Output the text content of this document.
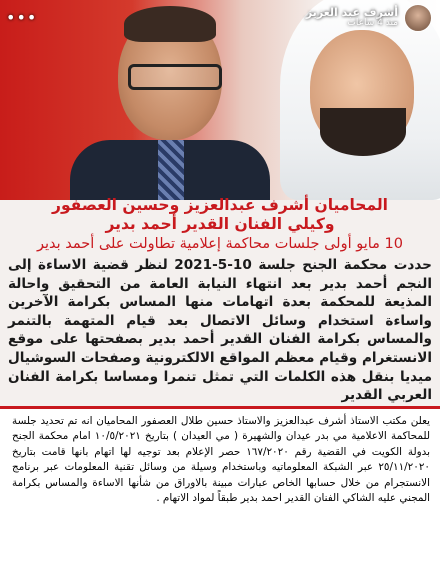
•••	أشرف عبد العزيز
منذ 4 ساعات
المحاميان أشرف عبدالعزيز وحسين العصفور
وكيلي الفنان القدير أحمد بدير
10 مايو أولى جلسات محاكمة إعلامية تطاولت على أحمد بدير
حددت محكمة الجنح جلسة 10-5-2021 لنظر قضية الاساءة إلى النجم أحمد بدير بعد انتهاء النيابة العامة من التحقيق واحالة المذيعة للمحكمة بعدة اتهامات منها المساس بكرامة الآخرين واساءة استخدام وسائل الاتصال بعد قيام المتهمة بالتنمر والمساس بكرامة الفنان القدير أحمد بدير بصفحتها على موقع الانستغرام وقيام معظم المواقع الالكترونية وصفحات السوشيال ميديا بنقل هذه الكلمات التي تمثل تنمرا ومساسا بكرامة الفنان العربي القدير
يعلن مكتب الاستاذ أشرف عبدالعزيز والاستاذ حسين طلال العصفور المحاميان انه تم تحديد جلسة للمحاكمة الاعلامية مي بدر عيدان والشهيرة ( مي العيدان ) بتاريخ ١٠/٥/٢٠٢١ امام محكمة الجنح بدولة الكويت في القضية رقم ١٦٧/٢٠٢٠ حصر الإعلام بعد توجيه لها اتهام بانها قامت بتاريخ ٢٥/١١/٢٠٢٠ عبر الشبكة المعلوماتيه وباستخدام وسيلة من وسائل تقنية المعلومات عبر برنامج الانستجرام من خلال حسابها الخاص عبارات مبينة بالاوراق من شأنها الاساءة والمساس بكرامة المجني عليه الشاكي الفنان القدير احمد بدير طبقاً لمواد الاتهام .
